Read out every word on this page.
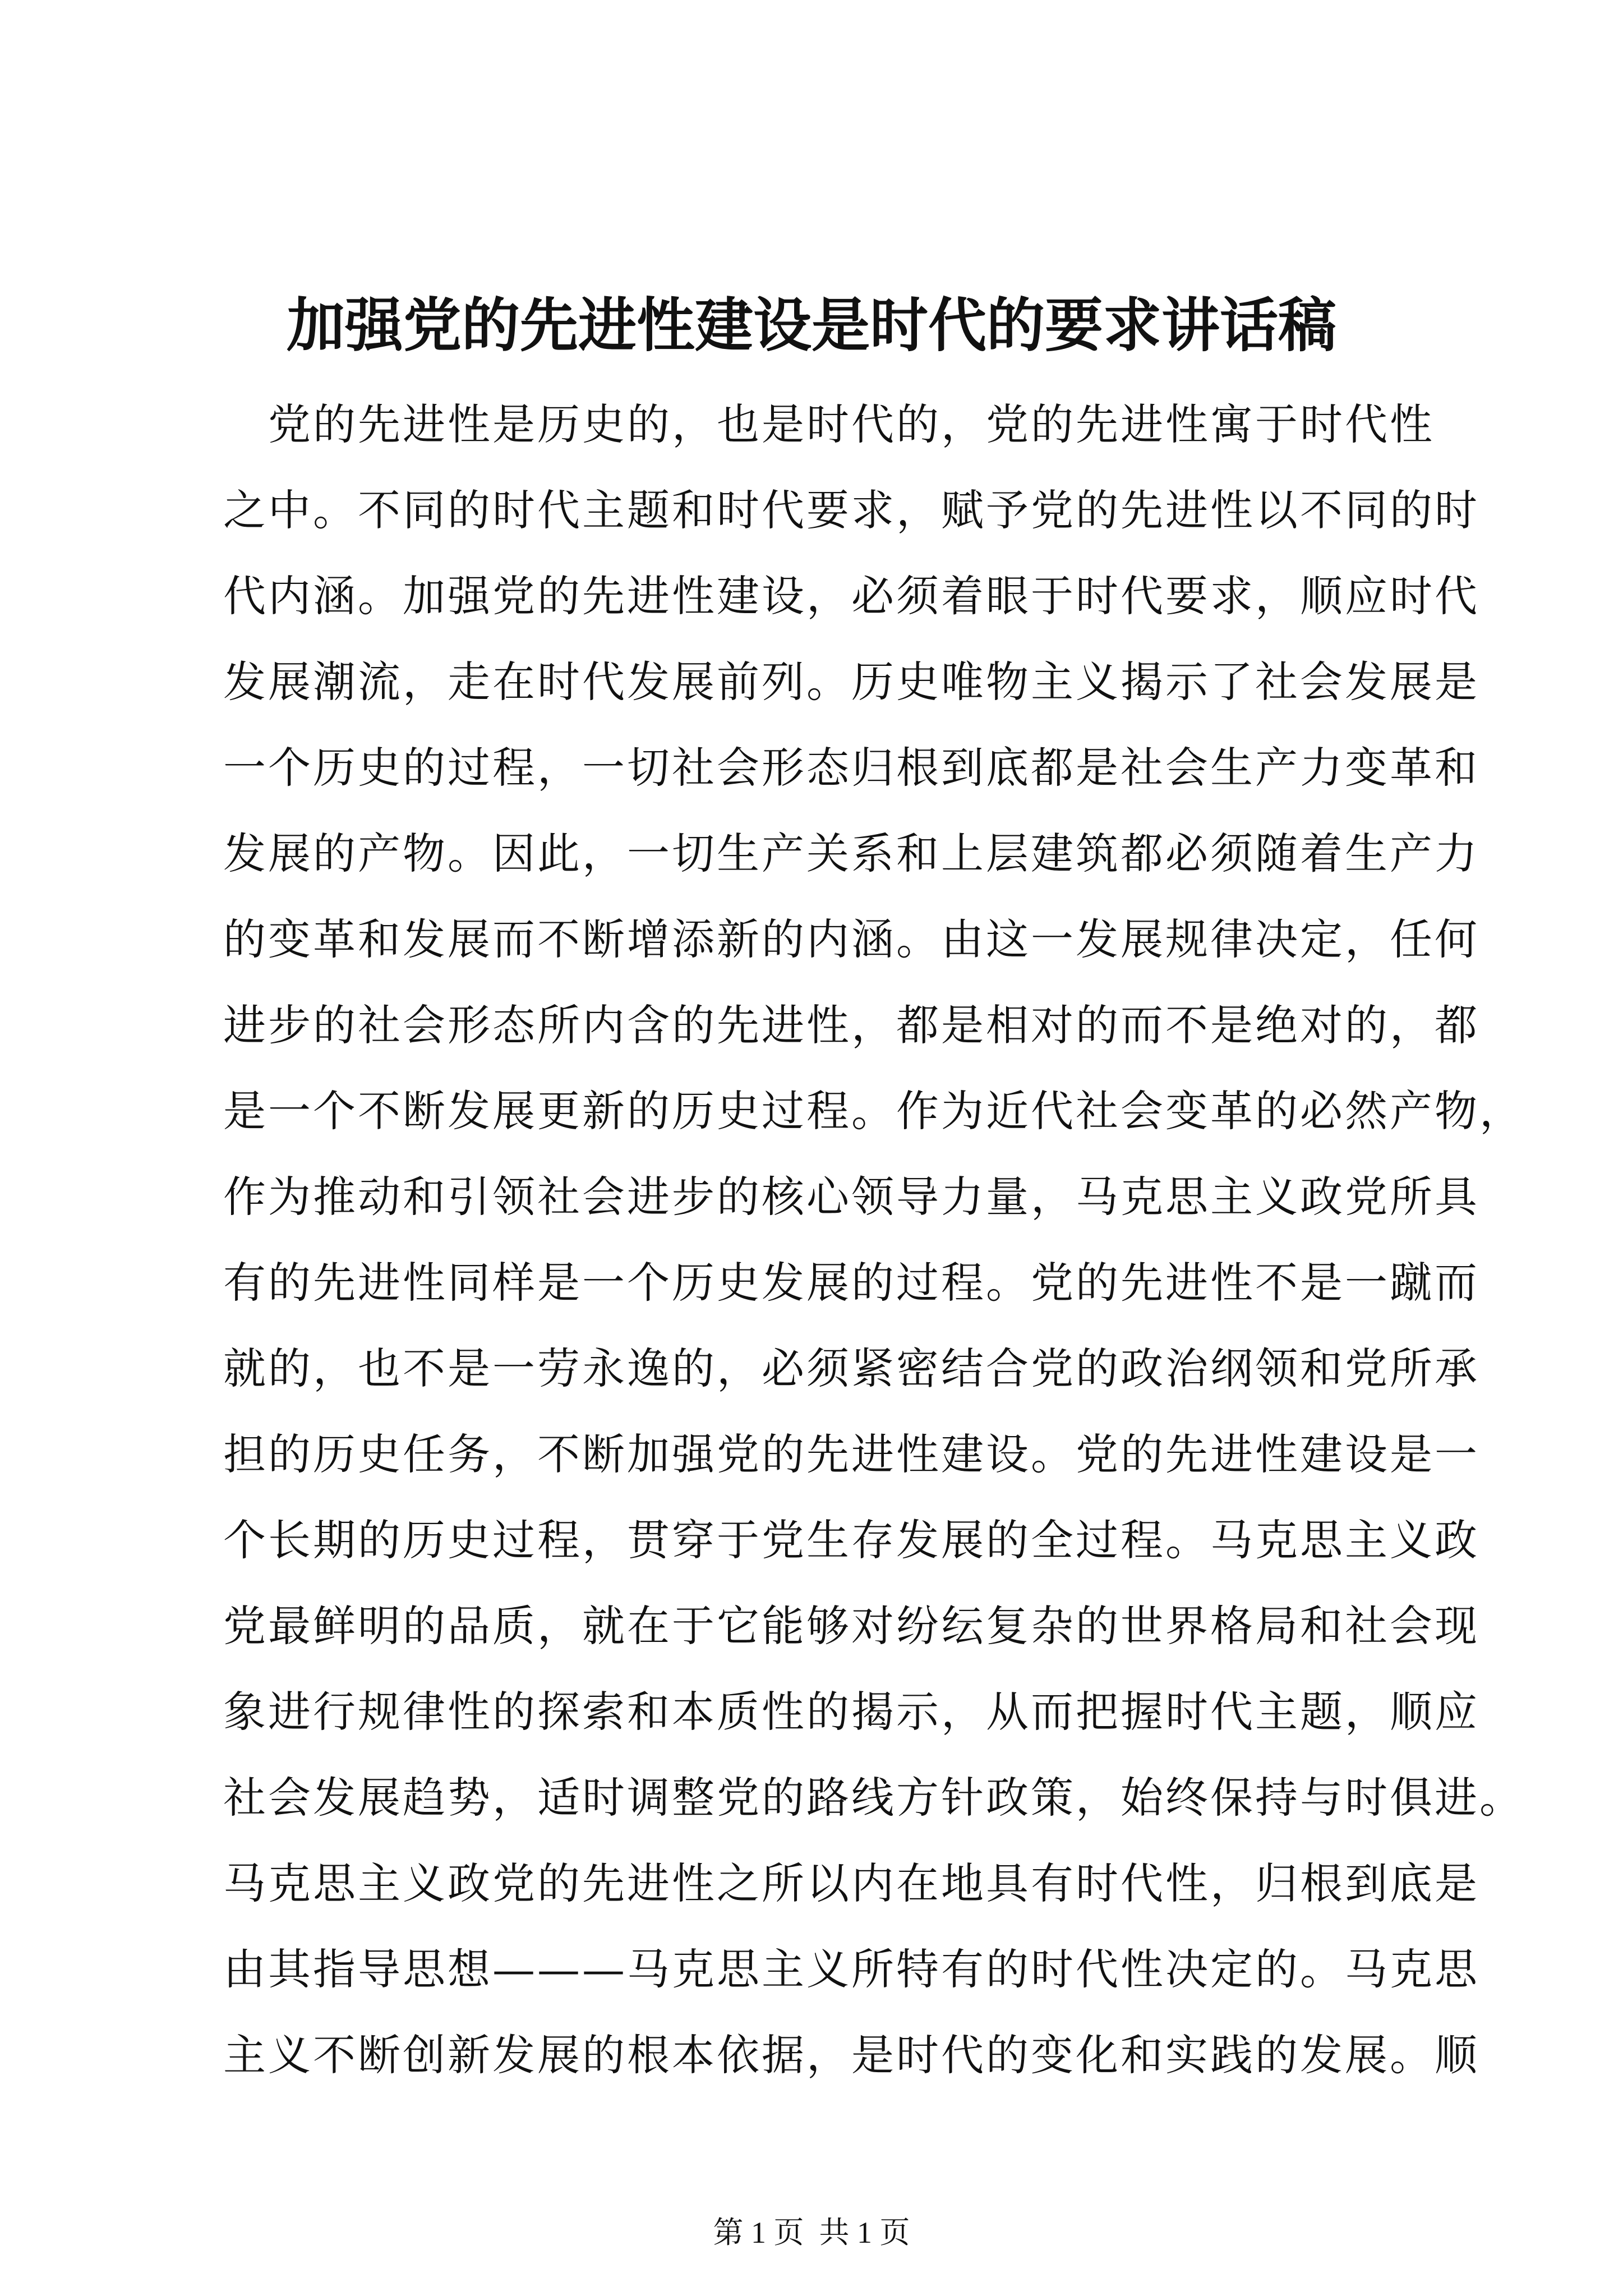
加强党的先进性建设是时代的要求讲话稿
　党的先进性是历史的，也是时代的，党的先进性寓于时代性
之中。不同的时代主题和时代要求，赋予党的先进性以不同的时
代内涵。加强党的先进性建设，必须着眼于时代要求，顺应时代
发展潮流，走在时代发展前列。历史唯物主义揭示了社会发展是
一个历史的过程，一切社会形态归根到底都是社会生产力变革和
发展的产物。因此，一切生产关系和上层建筑都必须随着生产力
的变革和发展而不断增添新的内涵。由这一发展规律决定，任何
进步的社会形态所内含的先进性，都是相对的而不是绝对的，都
是一个不断发展更新的历史过程。作为近代社会变革的必然产物，
作为推动和引领社会进步的核心领导力量，马克思主义政党所具
有的先进性同样是一个历史发展的过程。党的先进性不是一蹴而
就的，也不是一劳永逸的，必须紧密结合党的政治纲领和党所承
担的历史任务，不断加强党的先进性建设。党的先进性建设是一
个长期的历史过程，贯穿于党生存发展的全过程。马克思主义政
党最鲜明的品质，就在于它能够对纷纭复杂的世界格局和社会现
象进行规律性的探索和本质性的揭示，从而把握时代主题，顺应
社会发展趋势，适时调整党的路线方针政策，始终保持与时俱进。
马克思主义政党的先进性之所以内在地具有时代性，归根到底是
由其指导思想———马克思主义所特有的时代性决定的。马克思
主义不断创新发展的根本依据，是时代的变化和实践的发展。顺

第 1 页  共 1 页
